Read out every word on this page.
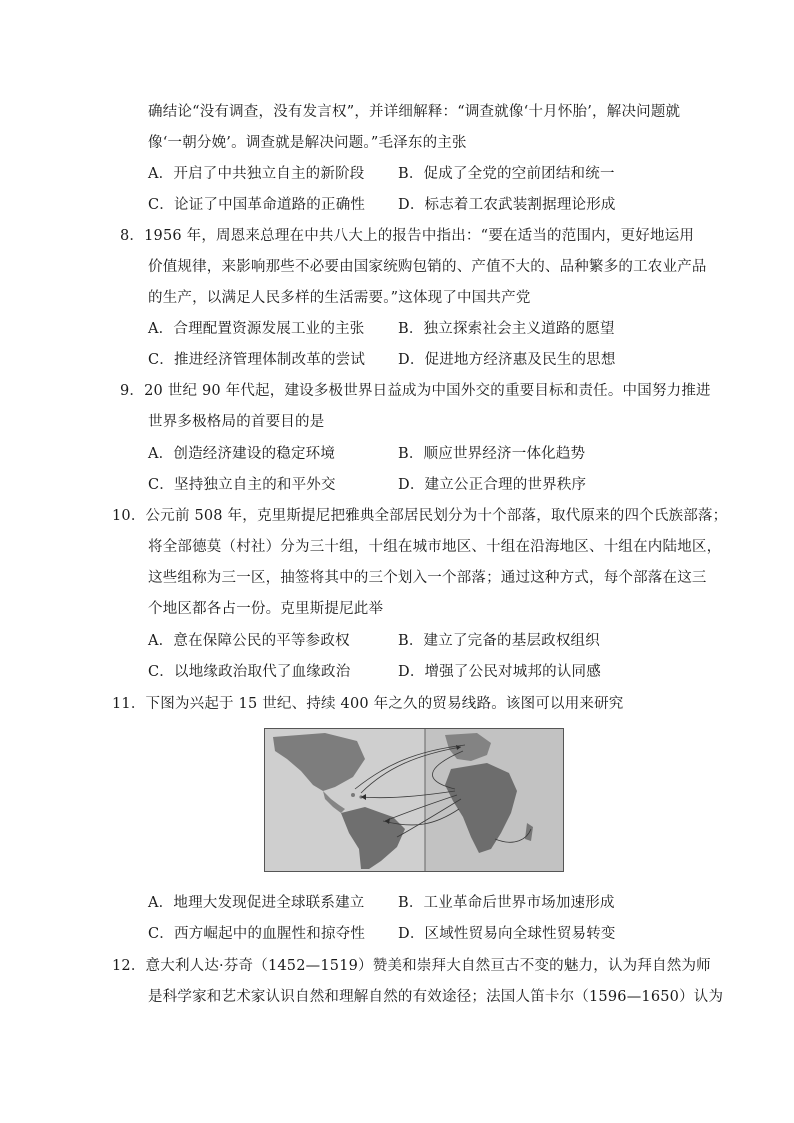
确结论“没有调查，没有发言权”，并详细解释：“调查就像‘十月怀胎’，解决问题就
像‘一朝分娩’。调查就是解决问题。”毛泽东的主张
A．开启了中共独立自主的新阶段 B．促成了全党的空前团结和统一
C．论证了中国革命道路的正确性 D．标志着工农武装割据理论形成
8．1956 年，周恩来总理在中共八大上的报告中指出：“要在适当的范围内，更好地运用
价值规律，来影响那些不必要由国家统购包销的、产值不大的、品种繁多的工农业产品
的生产，以满足人民多样的生活需要。”这体现了中国共产党
A．合理配置资源发展工业的主张 B．独立探索社会主义道路的愿望
C．推进经济管理体制改革的尝试 D．促进地方经济惠及民生的思想
9．20 世纪 90 年代起，建设多极世界日益成为中国外交的重要目标和责任。中国努力推进
世界多极格局的首要目的是
A．创造经济建设的稳定环境	B．顺应世界经济一体化趋势
C．坚持独立自主的和平外交	D．建立公正合理的世界秩序
10．公元前 508 年，克里斯提尼把雅典全部居民划分为十个部落，取代原来的四个氏族部落；
将全部德莫（村社）分为三十组，十组在城市地区、十组在沿海地区、十组在内陆地区，
这些组称为三一区，抽签将其中的三个划入一个部落；通过这种方式，每个部落在这三
个地区都各占一份。克里斯提尼此举
A．意在保障公民的平等参政权	B．建立了完备的基层政权组织
C．以地缘政治取代了血缘政治	D．增强了公民对城邦的认同感
11．下图为兴起于 15 世纪、持续 400 年之久的贸易线路。该图可以用来研究
A．地理大发现促进全球联系建立 B．工业革命后世界市场加速形成
C．西方崛起中的血腥性和掠夺性 D．区域性贸易向全球性贸易转变
12．意大利人达·芬奇（1452—1519）赞美和崇拜大自然亘古不变的魅力，认为拜自然为师
是科学家和艺术家认识自然和理解自然的有效途径；法国人笛卡尔（1596—1650）认为
